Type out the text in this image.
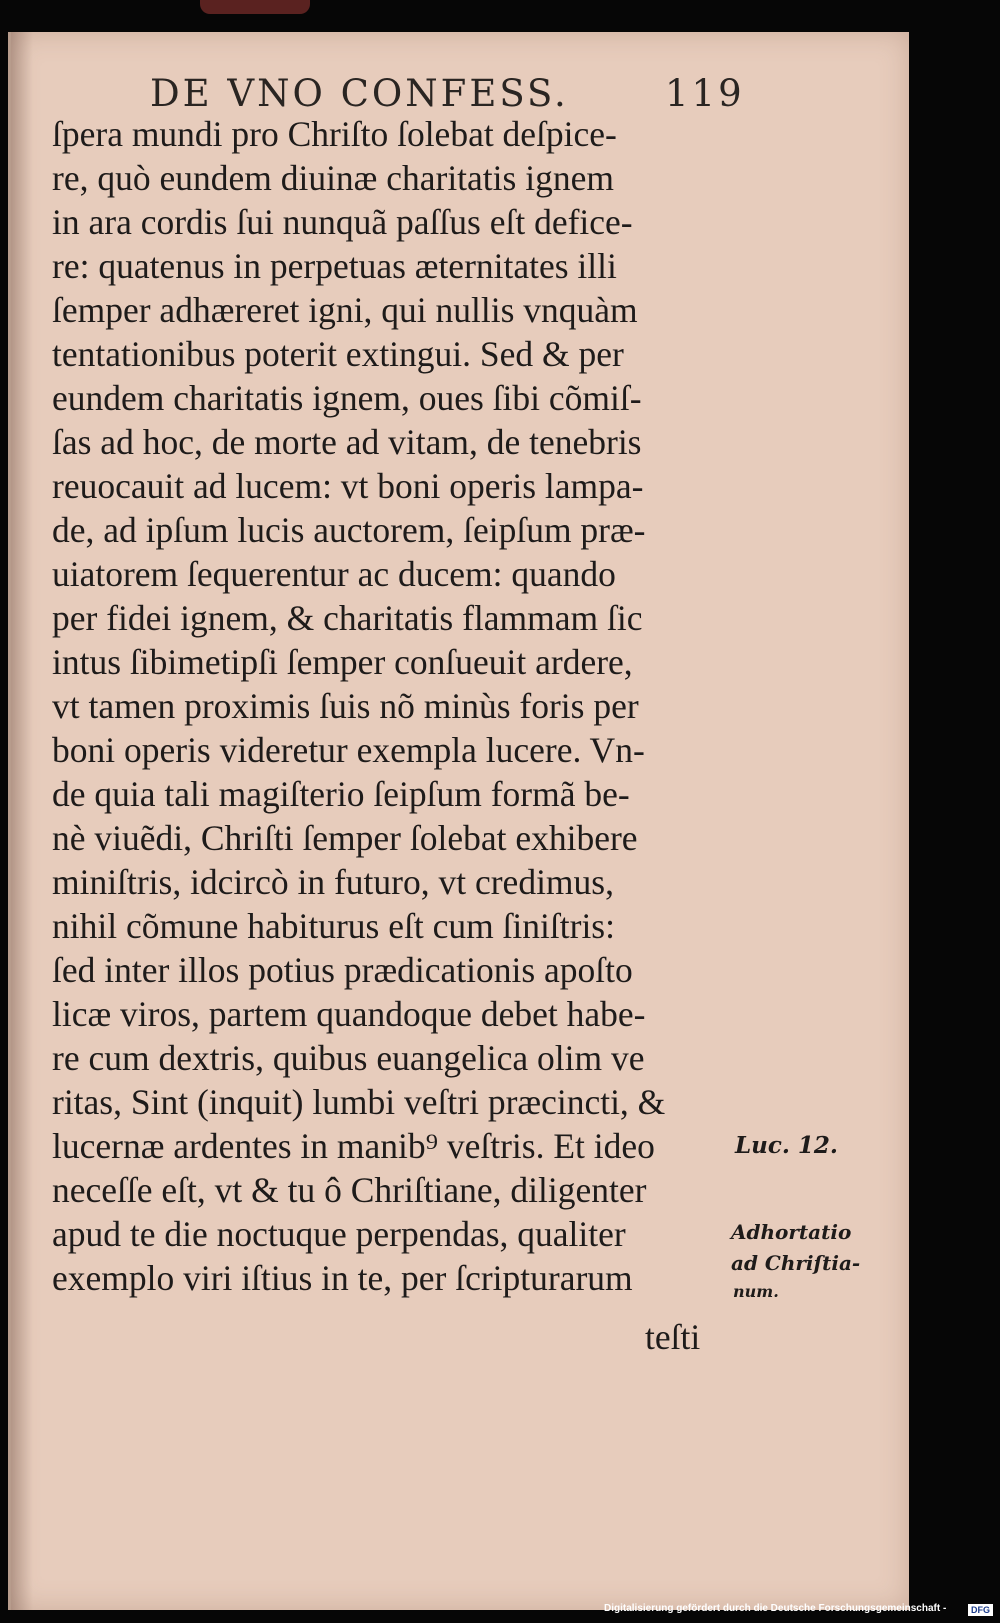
DE VNO CONFESS.	119
ſpera mundi pro Chriſto ſolebat deſpice-
re, quò eundem diuinæ charitatis ignem
in ara cordis ſui nunquã paſſus eſt defice-
re: quatenus in perpetuas æternitates illi
ſemper adhæreret igni, qui nullis vnquàm
tentationibus poterit extingui. Sed & per
eundem charitatis ignem, oues ſibi cõmiſ-
ſas ad hoc, de morte ad vitam, de tenebris
reuocauit ad lucem: vt boni operis lampa-
de, ad ipſum lucis auctorem, ſeipſum præ-
uiatorem ſequerentur ac ducem: quando
per fidei ignem, & charitatis flammam ſic
intus ſibimetipſi ſemper conſueuit ardere,
vt tamen proximis ſuis nõ minùs foris per
boni operis videretur exempla lucere. Vn-
de quia tali magiſterio ſeipſum formã be-
nè viuẽdi, Chriſti ſemper ſolebat exhibere
miniſtris, idcircò in futuro, vt credimus,
nihil cõmune habiturus eſt cum ſiniſtris:
ſed inter illos potius prædicationis apoſto
licæ viros, partem quandoque debet habe-
re cum dextris, quibus euangelica olim ve
ritas, Sint (inquit) lumbi veſtri præcincti, &
lucernæ ardentes in manib⁹ veſtris. Et ideo
neceſſe eſt, vt & tu ô Chriſtiane, diligenter
apud te die noctuque perpendas, qualiter
exemplo viri iſtius in te, per ſcripturarum
teſti
Luc. 12.
Adhortatio
ad Chriſtia-
num.
Digitalisierung gefördert durch die Deutsche Forschungsgemeinschaft -	DFG
